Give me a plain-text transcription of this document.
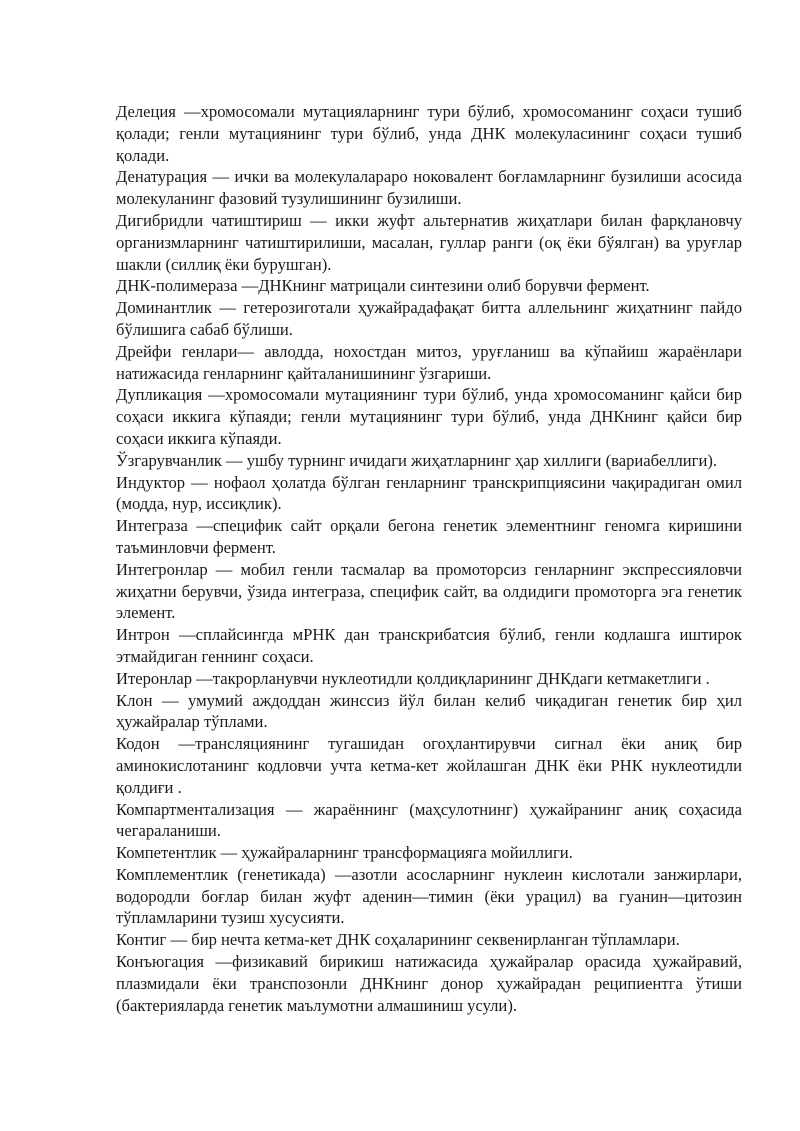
Делеция —хромосомали мутацияларнинг тури бўлиб, хромосоманинг соҳаси тушиб қолади; генли мутациянинг тури бўлиб, унда ДНК молекуласининг соҳаси тушиб қолади.

Денатурация — ички ва молекулалараро нoковалент боғламларнинг бузилиши асосида молекуланинг фазовий тузулишининг бузилиши.

Дигибридли чатиштириш — икки жуфт альтернатив жиҳатлари билан фарқлановчу организмларнинг чатиштирилиши, масалан, гуллар ранги (оқ ёки бўялган) ва уруғлар шакли (силлиқ ёки бурушган).

ДНК-полимераза —ДНКнинг матрицали синтезини олиб борувчи фермент.

Доминантлик — гетерозиготали ҳужайрадафақат битта аллельнинг жиҳатнинг пайдо бўлишига сабаб бўлиши.

Дрейфи генлари— авлодда, нохостдан митоз, уруғланиш ва кўпайиш жараёнлари натижасида генларнинг қайталанишининг ўзгариши.

Дупликация —хромосомали мутациянинг тури бўлиб, унда хромосоманинг қайси бир соҳаси иккига кўпаяди; генли мутациянинг тури бўлиб, унда ДНКнинг қайси бир соҳаси иккига кўпаяди.

Ўзгарувчанлик — ушбу турнинг ичидаги жиҳатларнинг ҳар хиллиги (вариабеллиги).

Индуктор — нофаол ҳолатда бўлган генларнинг транскрипциясини чақирадиган омил (модда, нур, иссиқлик).

Интеграза —специфик сайт орқали бегона генетик элементнинг геномга киришини таъминловчи фермент.

Интегронлар — мобил генли тасмалар ва промоторсиз генларнинг экспрессияловчи жиҳатни берувчи, ўзида интеграза, специфик сайт, ва олдидиги промоторга эга генетик элемент.

Интрон —сплайсингда мРНК дан транскрибатсия бўлиб, генли кодлашга иштирок этмайдиган геннинг соҳаси.

Итеронлар —такрорланувчи нуклеотидли қолдиқларининг ДНКдаги кетмакетлиги .

Клон — умумий аждоддан жинссиз йўл билан келиб чиқадиган генетик бир ҳил ҳужайралар тўплами.

Кодон —трансляциянинг тугашидан огоҳлантирувчи сигнал ёки аниқ бир аминокислотанинг кодловчи учта кетма-кет жойлашган ДНК ёки РНК нуклеотидли қолдиғи .

Компартментализация — жараённинг (маҳсулотнинг) ҳужайранинг аниқ соҳасида чегараланиши.

Компетентлик — ҳужайраларнинг трансформацияга мойиллиги.

Комплементлик (генетикада) —азотли асосларнинг нуклеин кислотали занжирлари, водородли боғлар билан жуфт аденин—тимин (ёки урацил) ва гуанин—цитозин тўпламларини тузиш хусусияти.

Контиг — бир нечта кетма-кет ДНК соҳаларининг секвенирланган тўпламлари.

Конъюгация —физикавий бирикиш натижасида ҳужайралар орасида ҳужайравий, плазмидали ёки транспозонли ДНКнинг донор ҳужайрадан реципиентга ўтиши (бактерияларда генетик маълумотни алмашиниш усули).
